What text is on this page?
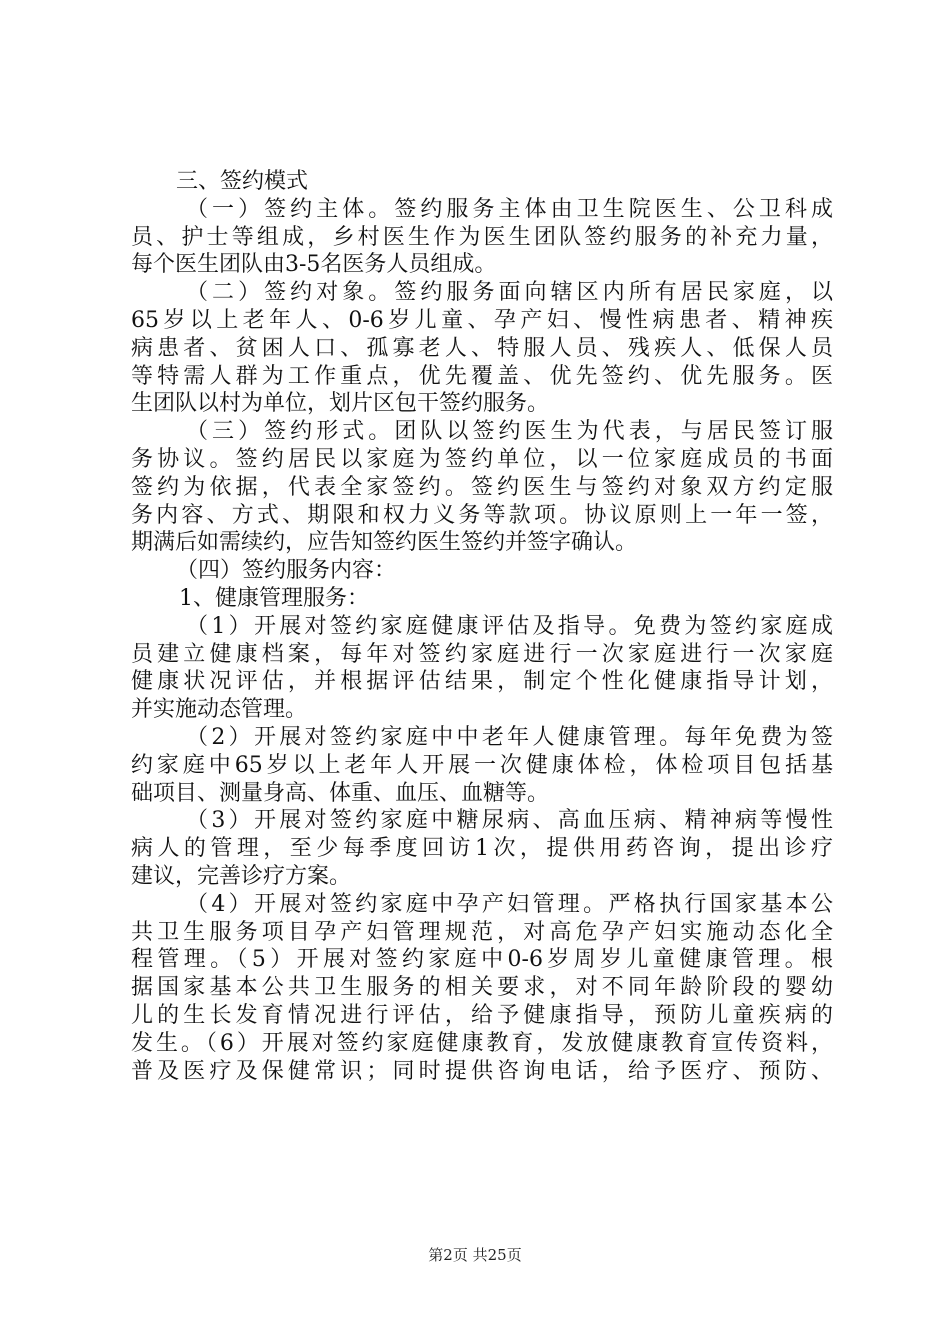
三、签约模式
（一）签约主体。签约服务主体由卫生院医生、公卫科成
员、护士等组成，乡村医生作为医生团队签约服务的补充力量，
每个医生团队由3-5名医务人员组成。
（二）签约对象。签约服务面向辖区内所有居民家庭，以
65岁以上老年人、0-6岁儿童、孕产妇、慢性病患者、精神疾
病患者、贫困人口、孤寡老人、特服人员、残疾人、低保人员
等特需人群为工作重点，优先覆盖、优先签约、优先服务。医
生团队以村为单位，划片区包干签约服务。
（三）签约形式。团队以签约医生为代表，与居民签订服
务协议。签约居民以家庭为签约单位，以一位家庭成员的书面
签约为依据，代表全家签约。签约医生与签约对象双方约定服
务内容、方式、期限和权力义务等款项。协议原则上一年一签，
期满后如需续约，应告知签约医生签约并签字确认。
（四）签约服务内容：
1、健康管理服务：
（1）开展对签约家庭健康评估及指导。免费为签约家庭成
员建立健康档案，每年对签约家庭进行一次家庭进行一次家庭
健康状况评估，并根据评估结果，制定个性化健康指导计划，
并实施动态管理。
（2）开展对签约家庭中中老年人健康管理。每年免费为签
约家庭中65岁以上老年人开展一次健康体检，体检项目包括基
础项目、测量身高、体重、血压、血糖等。
（3）开展对签约家庭中糖尿病、高血压病、精神病等慢性
病人的管理，至少每季度回访1次，提供用药咨询，提出诊疗
建议，完善诊疗方案。
（4）开展对签约家庭中孕产妇管理。严格执行国家基本公
共卫生服务项目孕产妇管理规范，对高危孕产妇实施动态化全
程管理。（5）开展对签约家庭中0-6岁周岁儿童健康管理。根
据国家基本公共卫生服务的相关要求，对不同年龄阶段的婴幼
儿的生长发育情况进行评估，给予健康指导，预防儿童疾病的
发生。（6）开展对签约家庭健康教育，发放健康教育宣传资料，
普及医疗及保健常识；同时提供咨询电话，给予医疗、预防、
第2页 共25页
